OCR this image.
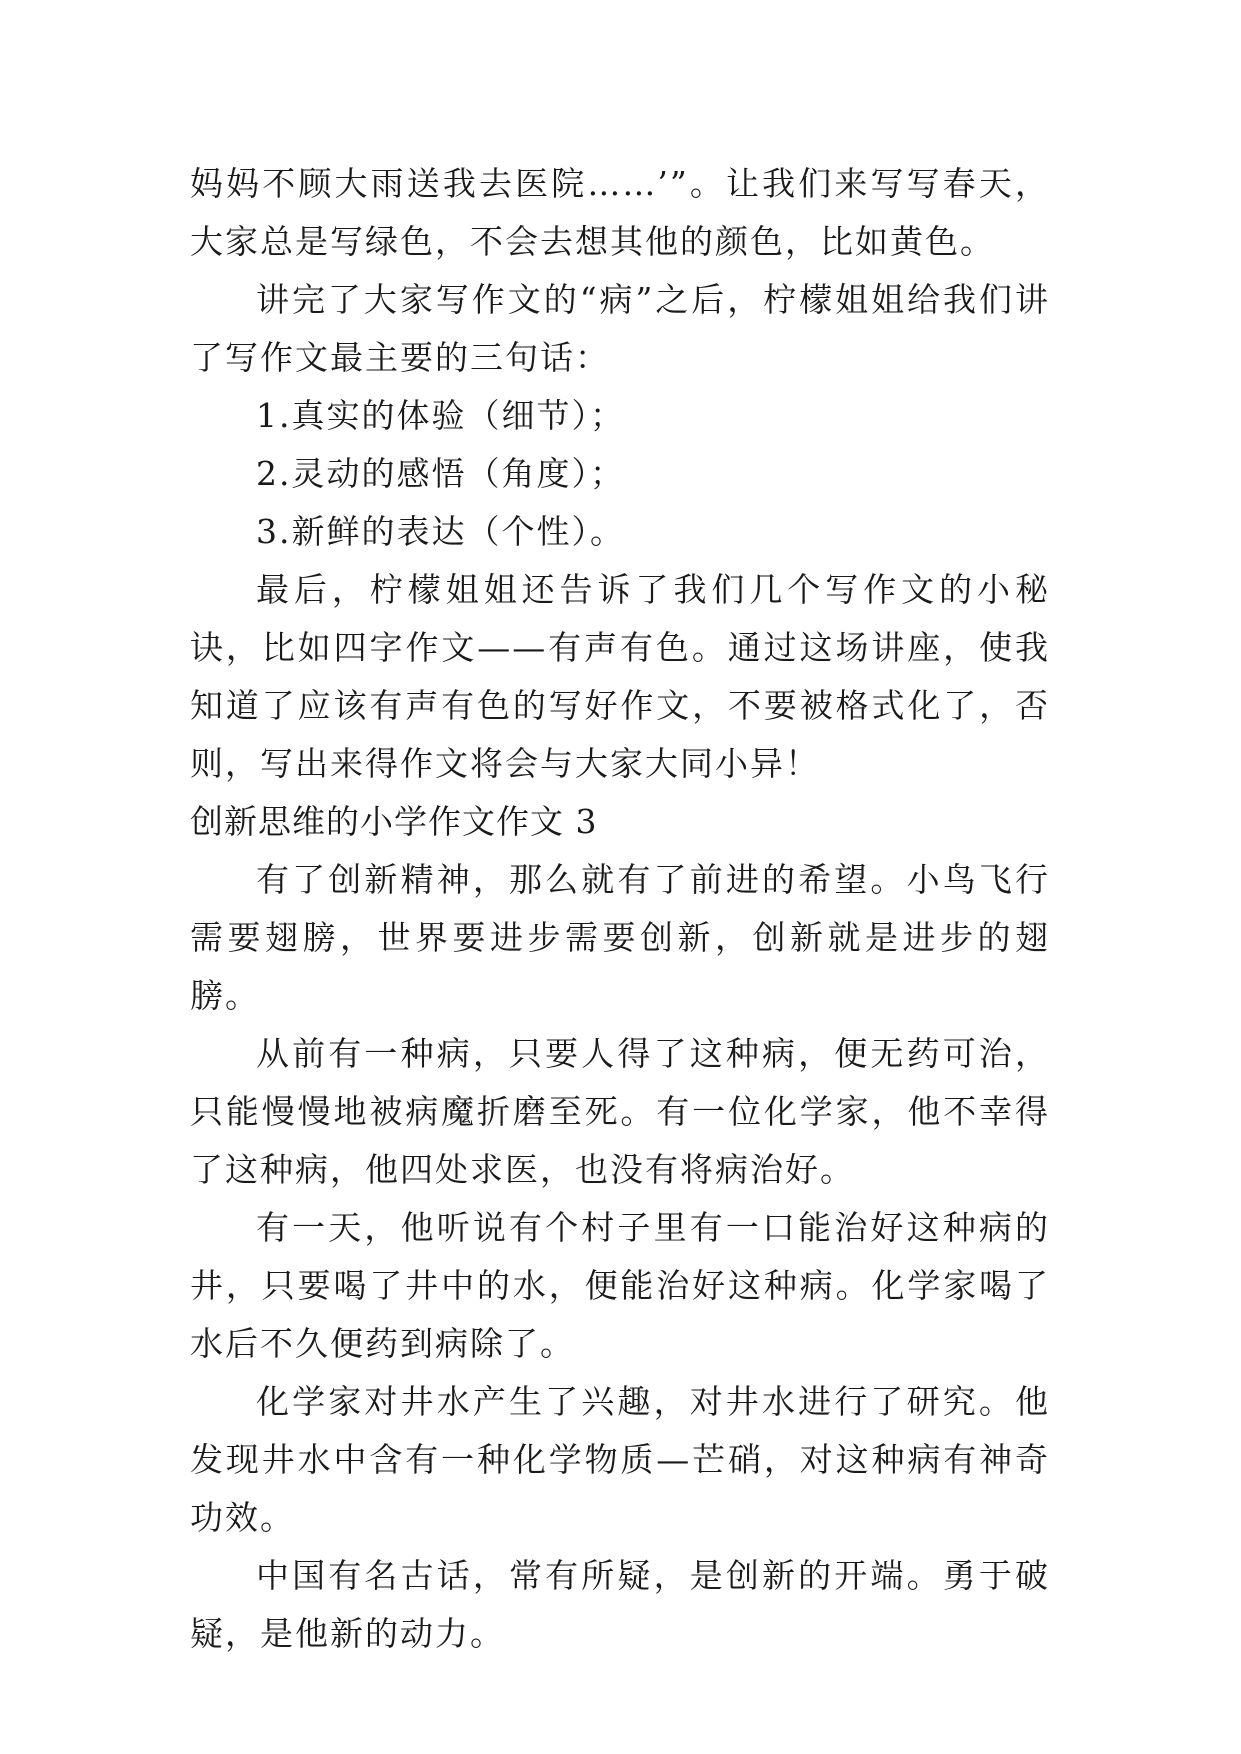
妈妈不顾大雨送我去医院……’”。让我们来写写春天，大家总是写绿色，不会去想其他的颜色，比如黄色。

讲完了大家写作文的“病”之后，柠檬姐姐给我们讲了写作文最主要的三句话：

1.真实的体验（细节）；

2.灵动的感悟（角度）；

3.新鲜的表达（个性）。

最后，柠檬姐姐还告诉了我们几个写作文的小秘诀，比如四字作文——有声有色。通过这场讲座，使我知道了应该有声有色的写好作文，不要被格式化了，否则，写出来得作文将会与大家大同小异！

创新思维的小学作文作文 3

有了创新精神，那么就有了前进的希望。小鸟飞行需要翅膀，世界要进步需要创新，创新就是进步的翅膀。

从前有一种病，只要人得了这种病，便无药可治，只能慢慢地被病魔折磨至死。有一位化学家，他不幸得了这种病，他四处求医，也没有将病治好。

有一天，他听说有个村子里有一口能治好这种病的井，只要喝了井中的水，便能治好这种病。化学家喝了水后不久便药到病除了。

化学家对井水产生了兴趣，对井水进行了研究。他发现井水中含有一种化学物质—芒硝，对这种病有神奇功效。

中国有名古话，常有所疑，是创新的开端。勇于破疑，是他新的动力。
